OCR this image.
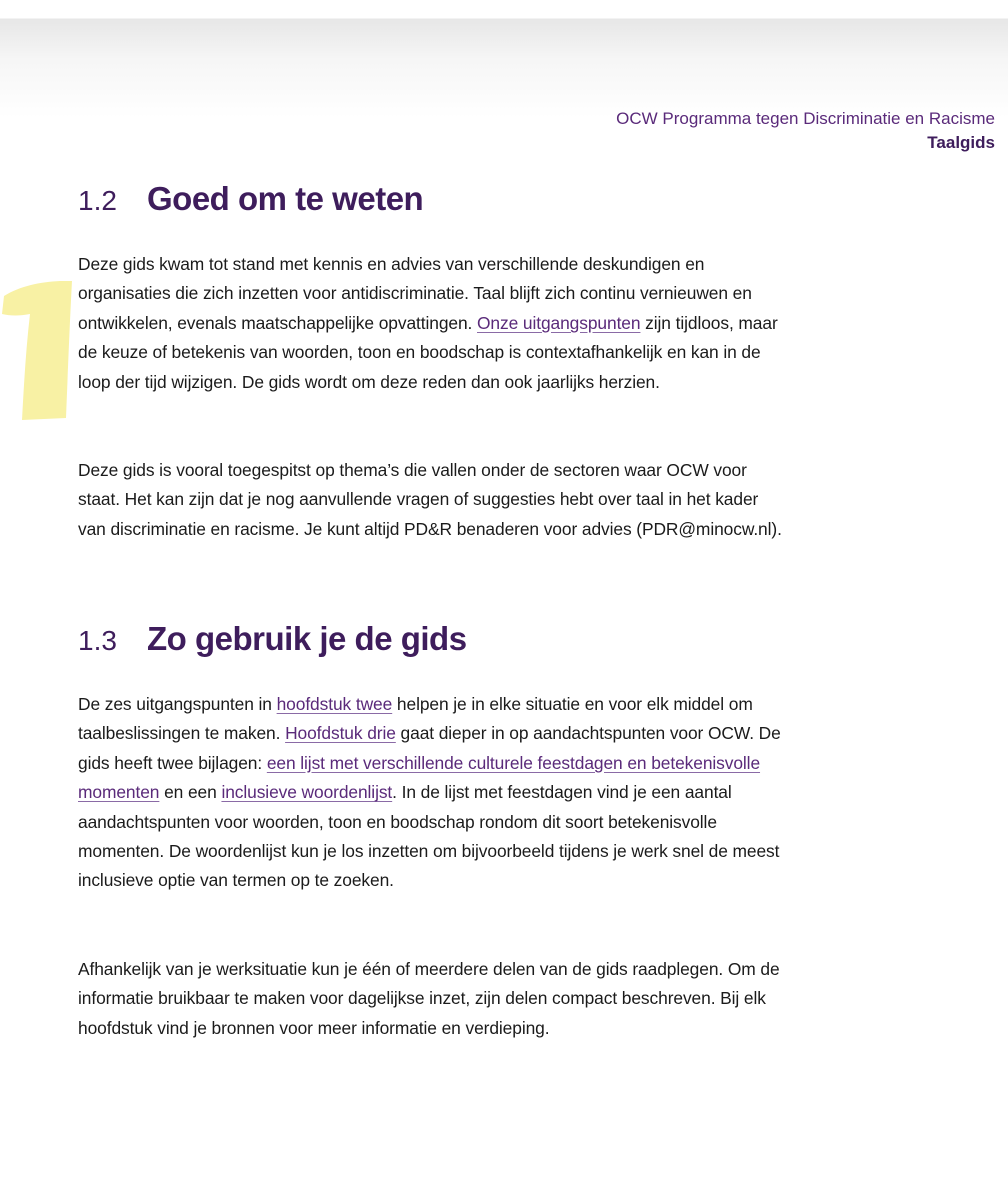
OCW Programma tegen Discriminatie en Racisme
Taalgids
1.2 Goed om te weten

Deze gids kwam tot stand met kennis en advies van verschillende deskundigen en organisaties die zich inzetten voor antidiscriminatie. Taal blijft zich continu vernieuwen en ontwikkelen, evenals maatschappelijke opvattingen. Onze uitgangspunten zijn tijdloos, maar de keuze of betekenis van woorden, toon en boodschap is contextafhankelijk en kan in de loop der tijd wijzigen. De gids wordt om deze reden dan ook jaarlijks herzien.

Deze gids is vooral toegespitst op thema’s die vallen onder de sectoren waar OCW voor staat. Het kan zijn dat je nog aanvullende vragen of suggesties hebt over taal in het kader van discriminatie en racisme. Je kunt altijd PD&R benaderen voor advies (PDR@minocw.nl).

1.3 Zo gebruik je de gids

De zes uitgangspunten in hoofdstuk twee helpen je in elke situatie en voor elk middel om taalbeslissingen te maken. Hoofdstuk drie gaat dieper in op aandachtspunten voor OCW. De gids heeft twee bijlagen: een lijst met verschillende culturele feestdagen en betekenisvolle momenten en een inclusieve woordenlijst. In de lijst met feestdagen vind je een aantal aandachtspunten voor woorden, toon en boodschap rondom dit soort betekenisvolle momenten. De woordenlijst kun je los inzetten om bijvoorbeeld tijdens je werk snel de meest inclusieve optie van termen op te zoeken.

Afhankelijk van je werksituatie kun je één of meerdere delen van de gids raadplegen. Om de informatie bruikbaar te maken voor dagelijkse inzet, zijn delen compact beschreven. Bij elk hoofdstuk vind je bronnen voor meer informatie en verdieping.
